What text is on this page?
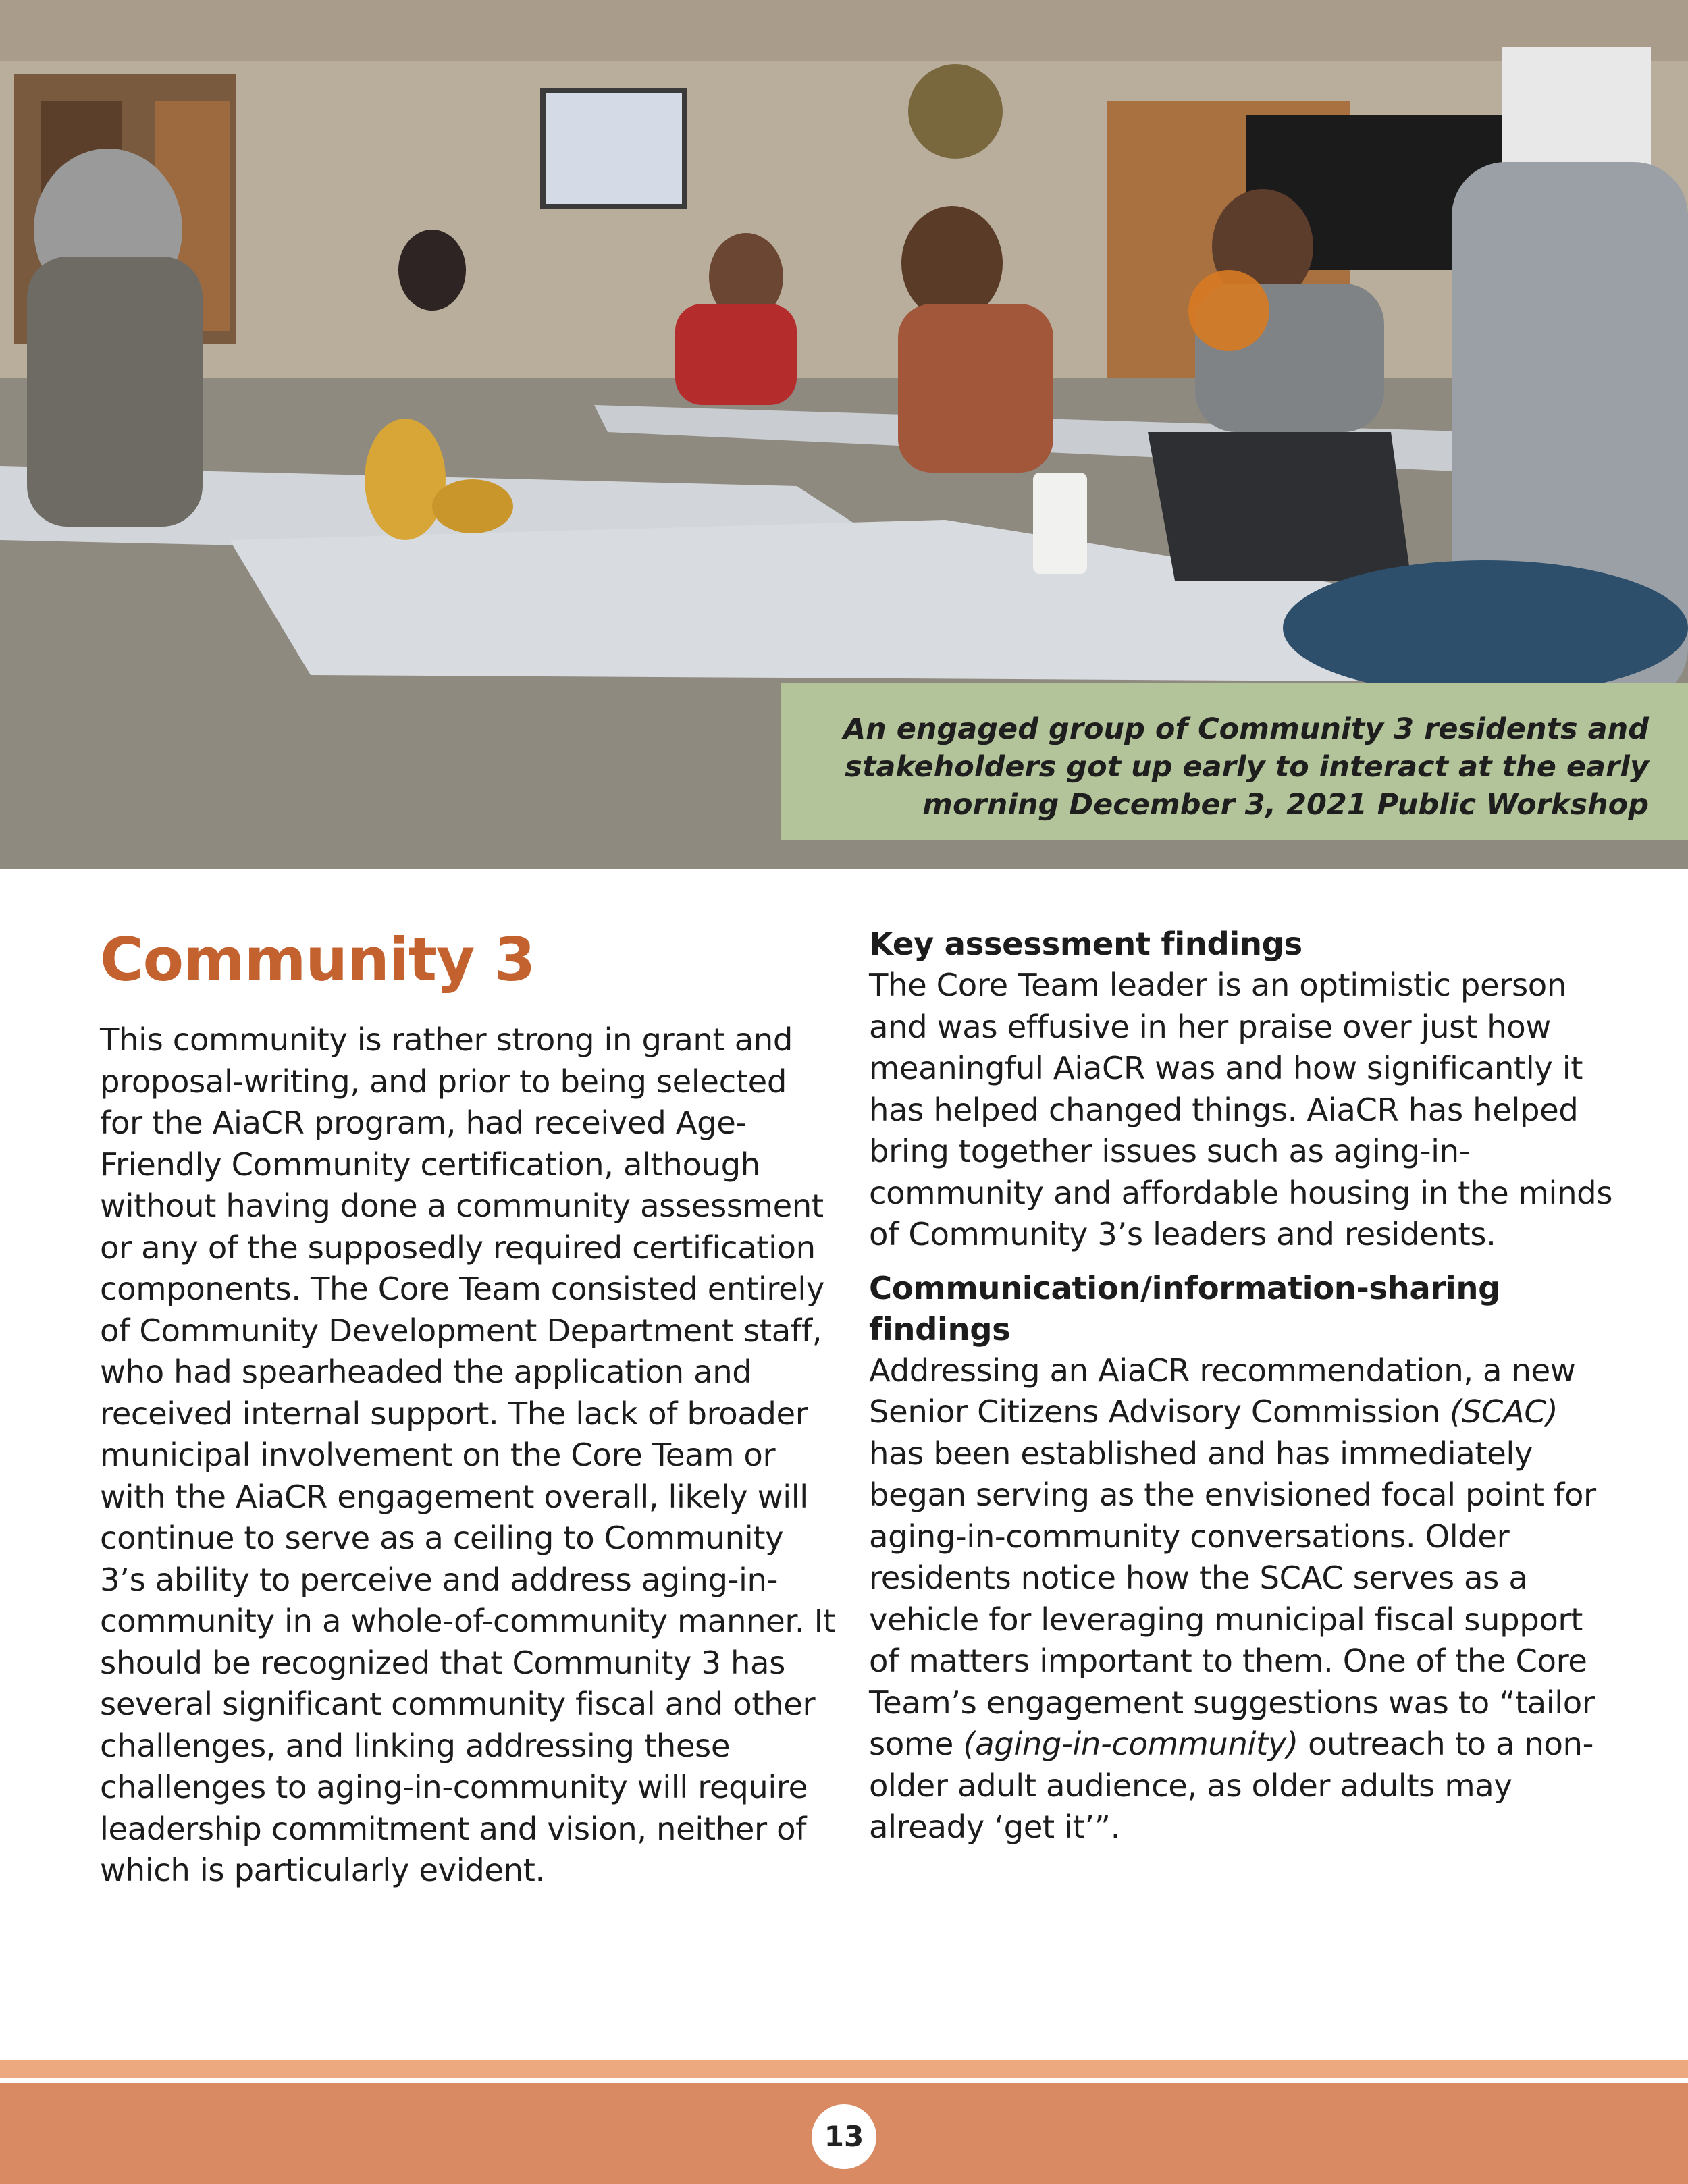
An engaged group of Community 3 residents and

stakeholders got up early to interact at the early

morning December 3, 2021 Public Workshop

Community 3

This community is rather strong in grant and proposal-writing, and prior to being selected for the AiaCR program, had received Age-Friendly Community certification, although without having done a community assessment or any of the supposedly required certification components. The Core Team consisted entirely of Community Development Department staff, who had spearheaded the application and received internal support. The lack of broader municipal involvement on the Core Team or with the AiaCR engagement overall, likely will continue to serve as a ceiling to Community 3’s ability to perceive and address aging-in-community in a whole-of-community manner. It should be recognized that Community 3 has several significant community fiscal and other challenges, and linking addressing these challenges to aging-in-community will require leadership commitment and vision, neither of which is particularly evident.

Key assessment findings

The Core Team leader is an optimistic person and was effusive in her praise over just how meaningful AiaCR was and how significantly it has helped changed things. AiaCR has helped bring together issues such as aging-in-community and affordable housing in the minds of Community 3’s leaders and residents.

Communication/information-sharing findings

Addressing an AiaCR recommendation, a new Senior Citizens Advisory Commission (SCAC) has been established and has immediately began serving as the envisioned focal point for aging-in-community conversations. Older residents notice how the SCAC serves as a vehicle for leveraging municipal fiscal support of matters important to them. One of the Core Team’s engagement suggestions was to “tailor some (aging-in-community) outreach to a non-older adult audience, as older adults may already ‘get it’”.

13
